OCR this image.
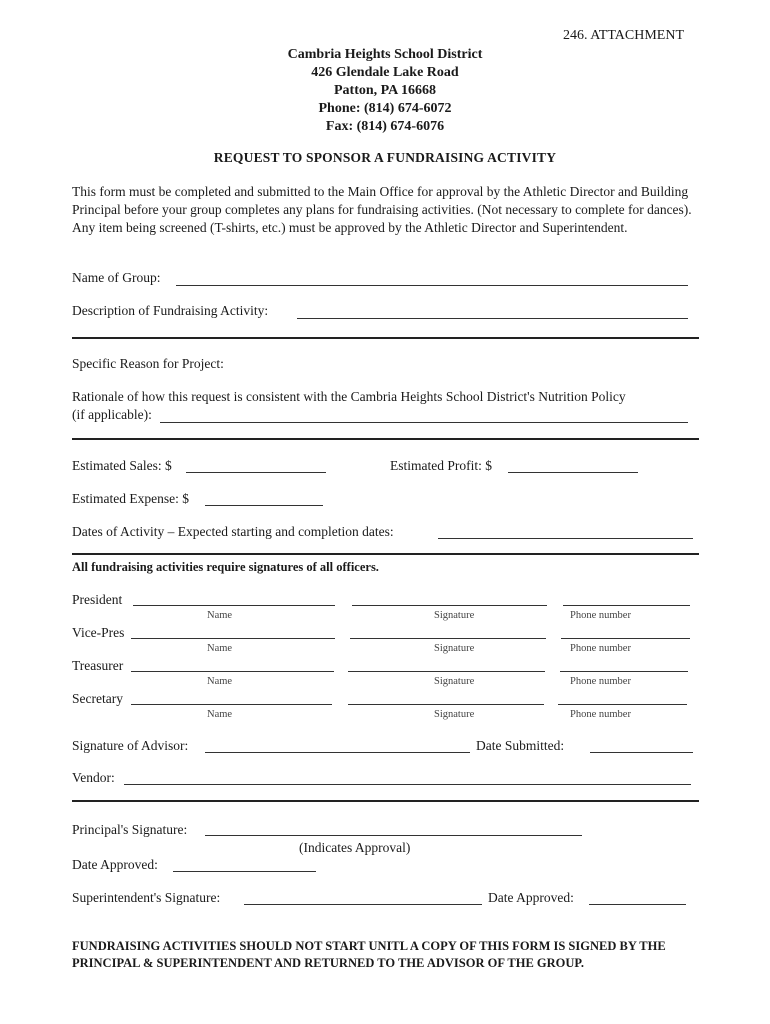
246. ATTACHMENT
Cambria Heights School District
426 Glendale Lake Road
Patton, PA 16668
Phone: (814) 674-6072
Fax: (814) 674-6076
REQUEST TO SPONSOR A FUNDRAISING ACTIVITY
This form must be completed and submitted to the Main Office for approval by the Athletic Director and Building Principal before your group completes any plans for fundraising activities. (Not necessary to complete for dances). Any item being screened (T-shirts, etc.) must be approved by the Athletic Director and Superintendent.
Name of Group:
Description of Fundraising Activity:
Specific Reason for Project:
Rationale of how this request is consistent with the Cambria Heights School District's Nutrition Policy
(if applicable):
Estimated Sales: $	Estimated Profit: $
Estimated Expense: $
Dates of Activity – Expected starting and completion dates:
All fundraising activities require signatures of all officers.
President
Name	Signature	Phone number
Vice-Pres
Name	Signature	Phone number
Treasurer
Name	Signature	Phone number
Secretary
Name	Signature	Phone number
Signature of Advisor:	Date Submitted:
Vendor:
Principal's Signature:
(Indicates Approval)
Date Approved:
Superintendent's Signature:	Date Approved:
FUNDRAISING ACTIVITIES SHOULD NOT START UNITL A COPY OF THIS FORM IS SIGNED BY THE PRINCIPAL & SUPERINTENDENT AND RETURNED TO THE ADVISOR OF THE GROUP.
